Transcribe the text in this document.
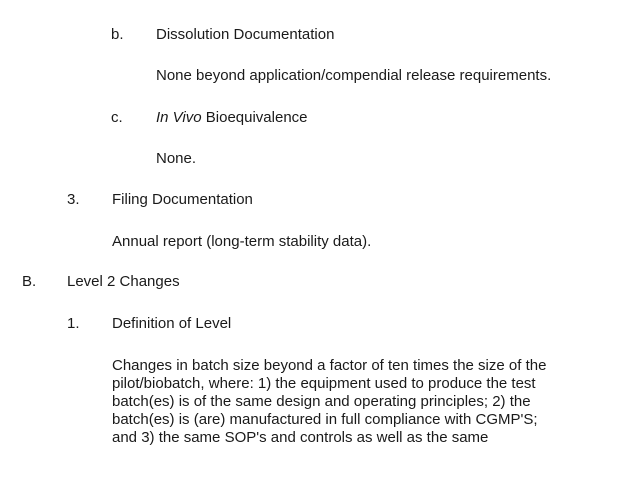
b. Dissolution Documentation
None beyond application/compendial release requirements.
c. In Vivo Bioequivalence
None.
3. Filing Documentation
Annual report (long-term stability data).
B. Level 2 Changes
1. Definition of Level
Changes in batch size beyond a factor of ten times the size of the
pilot/biobatch, where: 1) the equipment used to produce the test
batch(es) is of the same design and operating principles; 2) the
batch(es) is (are) manufactured in full compliance with CGMP'S;
and 3) the same SOP's and controls as well as the same
